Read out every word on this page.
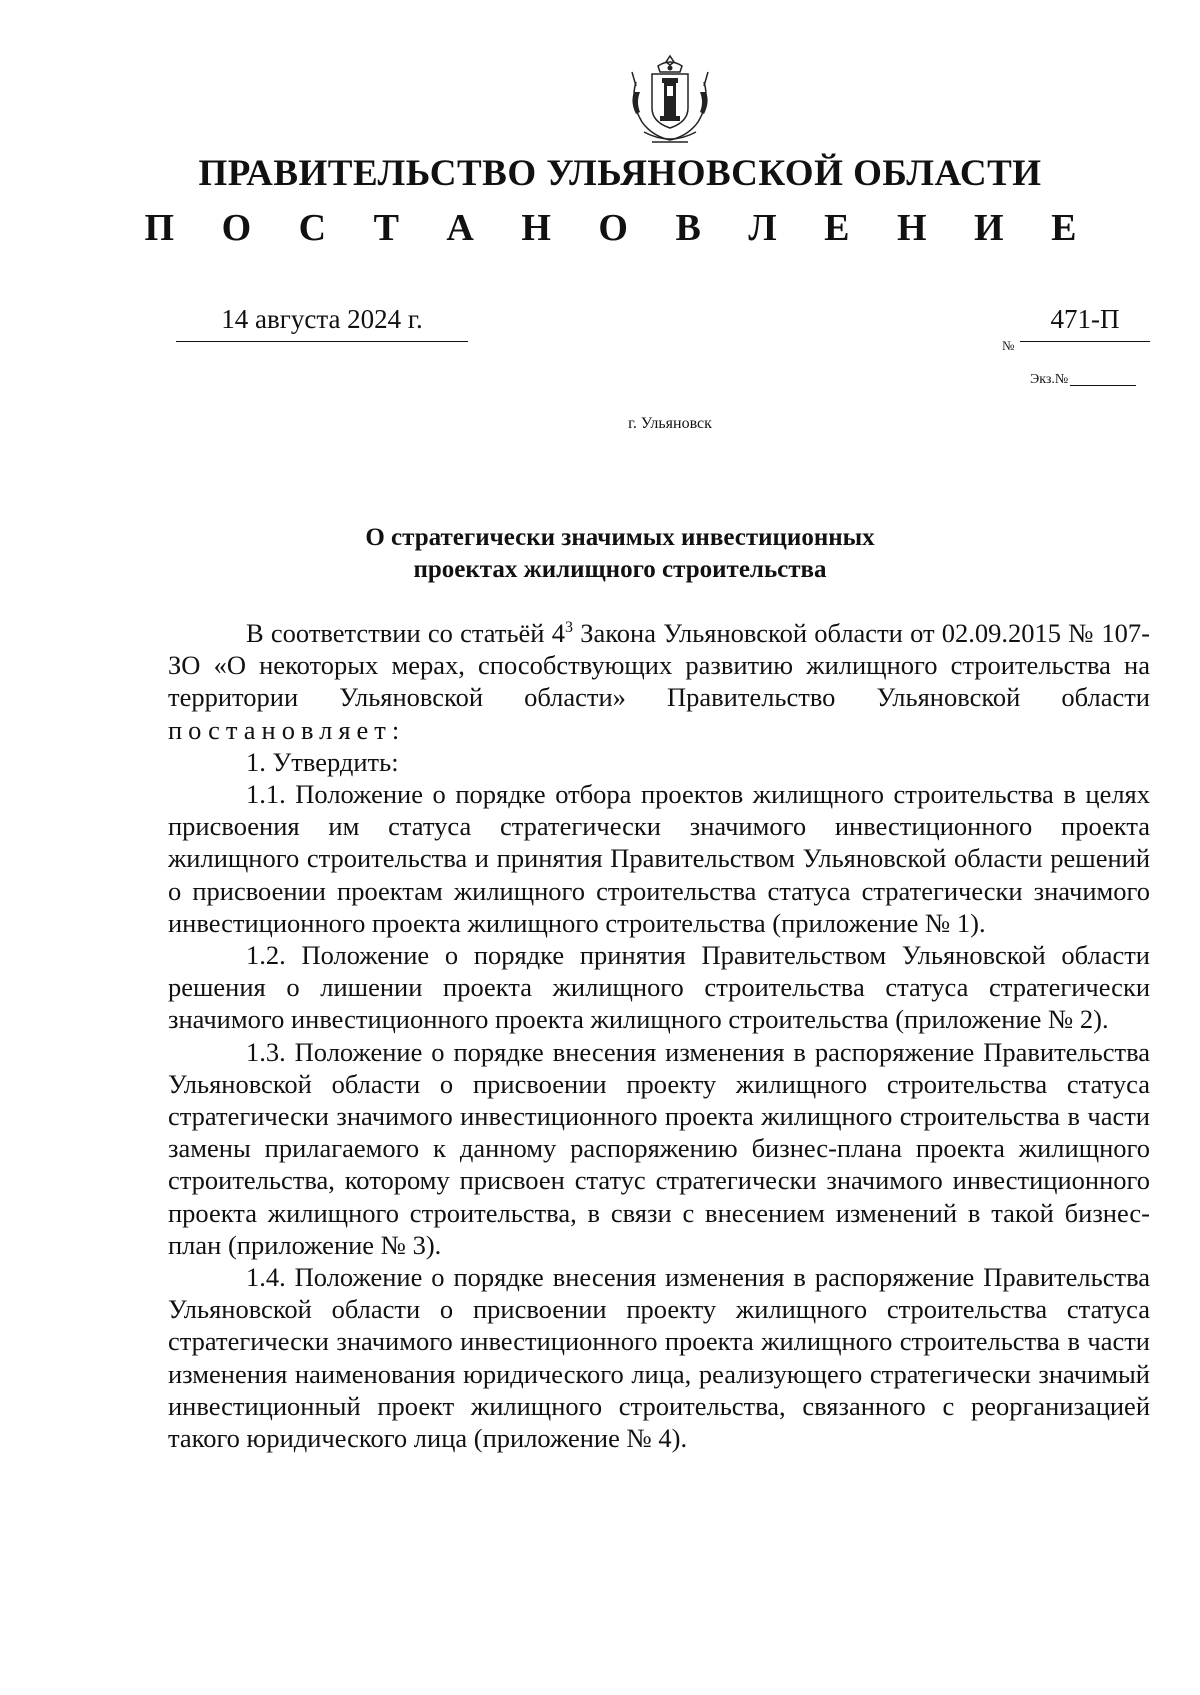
ПРАВИТЕЛЬСТВО УЛЬЯНОВСКОЙ ОБЛАСТИ
П О С Т А Н О В Л Е Н И Е
14 августа 2024 г.
№
471-П
Экз.№
г. Ульяновск
О стратегически значимых инвестиционных
проектах жилищного строительства

В соответствии со статьёй $4^3$ Закона Ульяновской области от 02.09.2015 № 107-ЗО «О некоторых мерах, способствующих развитию жилищного строительства на территории Ульяновской области» Правительство Ульяновской области постановляет:

1. Утвердить:

1.1. Положение о порядке отбора проектов жилищного строительства в целях присвоения им статуса стратегически значимого инвестиционного проекта жилищного строительства и принятия Правительством Ульяновской области решений о присвоении проектам жилищного строительства статуса стратегически значимого инвестиционного проекта жилищного строительства (приложение № 1).

1.2. Положение о порядке принятия Правительством Ульяновской области решения о лишении проекта жилищного строительства статуса стратегически значимого инвестиционного проекта жилищного строительства (приложение № 2).

1.3. Положение о порядке внесения изменения в распоряжение Правительства Ульяновской области о присвоении проекту жилищного строительства статуса стратегически значимого инвестиционного проекта жилищного строительства в части замены прилагаемого к данному распоряжению бизнес-плана проекта жилищного строительства, которому присвоен статус стратегически значимого инвестиционного проекта жилищного строительства, в связи с внесением изменений в такой бизнес-план (приложение № 3).

1.4. Положение о порядке внесения изменения в распоряжение Правительства Ульяновской области о присвоении проекту жилищного строительства статуса стратегически значимого инвестиционного проекта жилищного строительства в части изменения наименования юридического лица, реализующего стратегически значимый инвестиционный проект жилищного строительства, связанного с реорганизацией такого юридического лица (приложение № 4).
